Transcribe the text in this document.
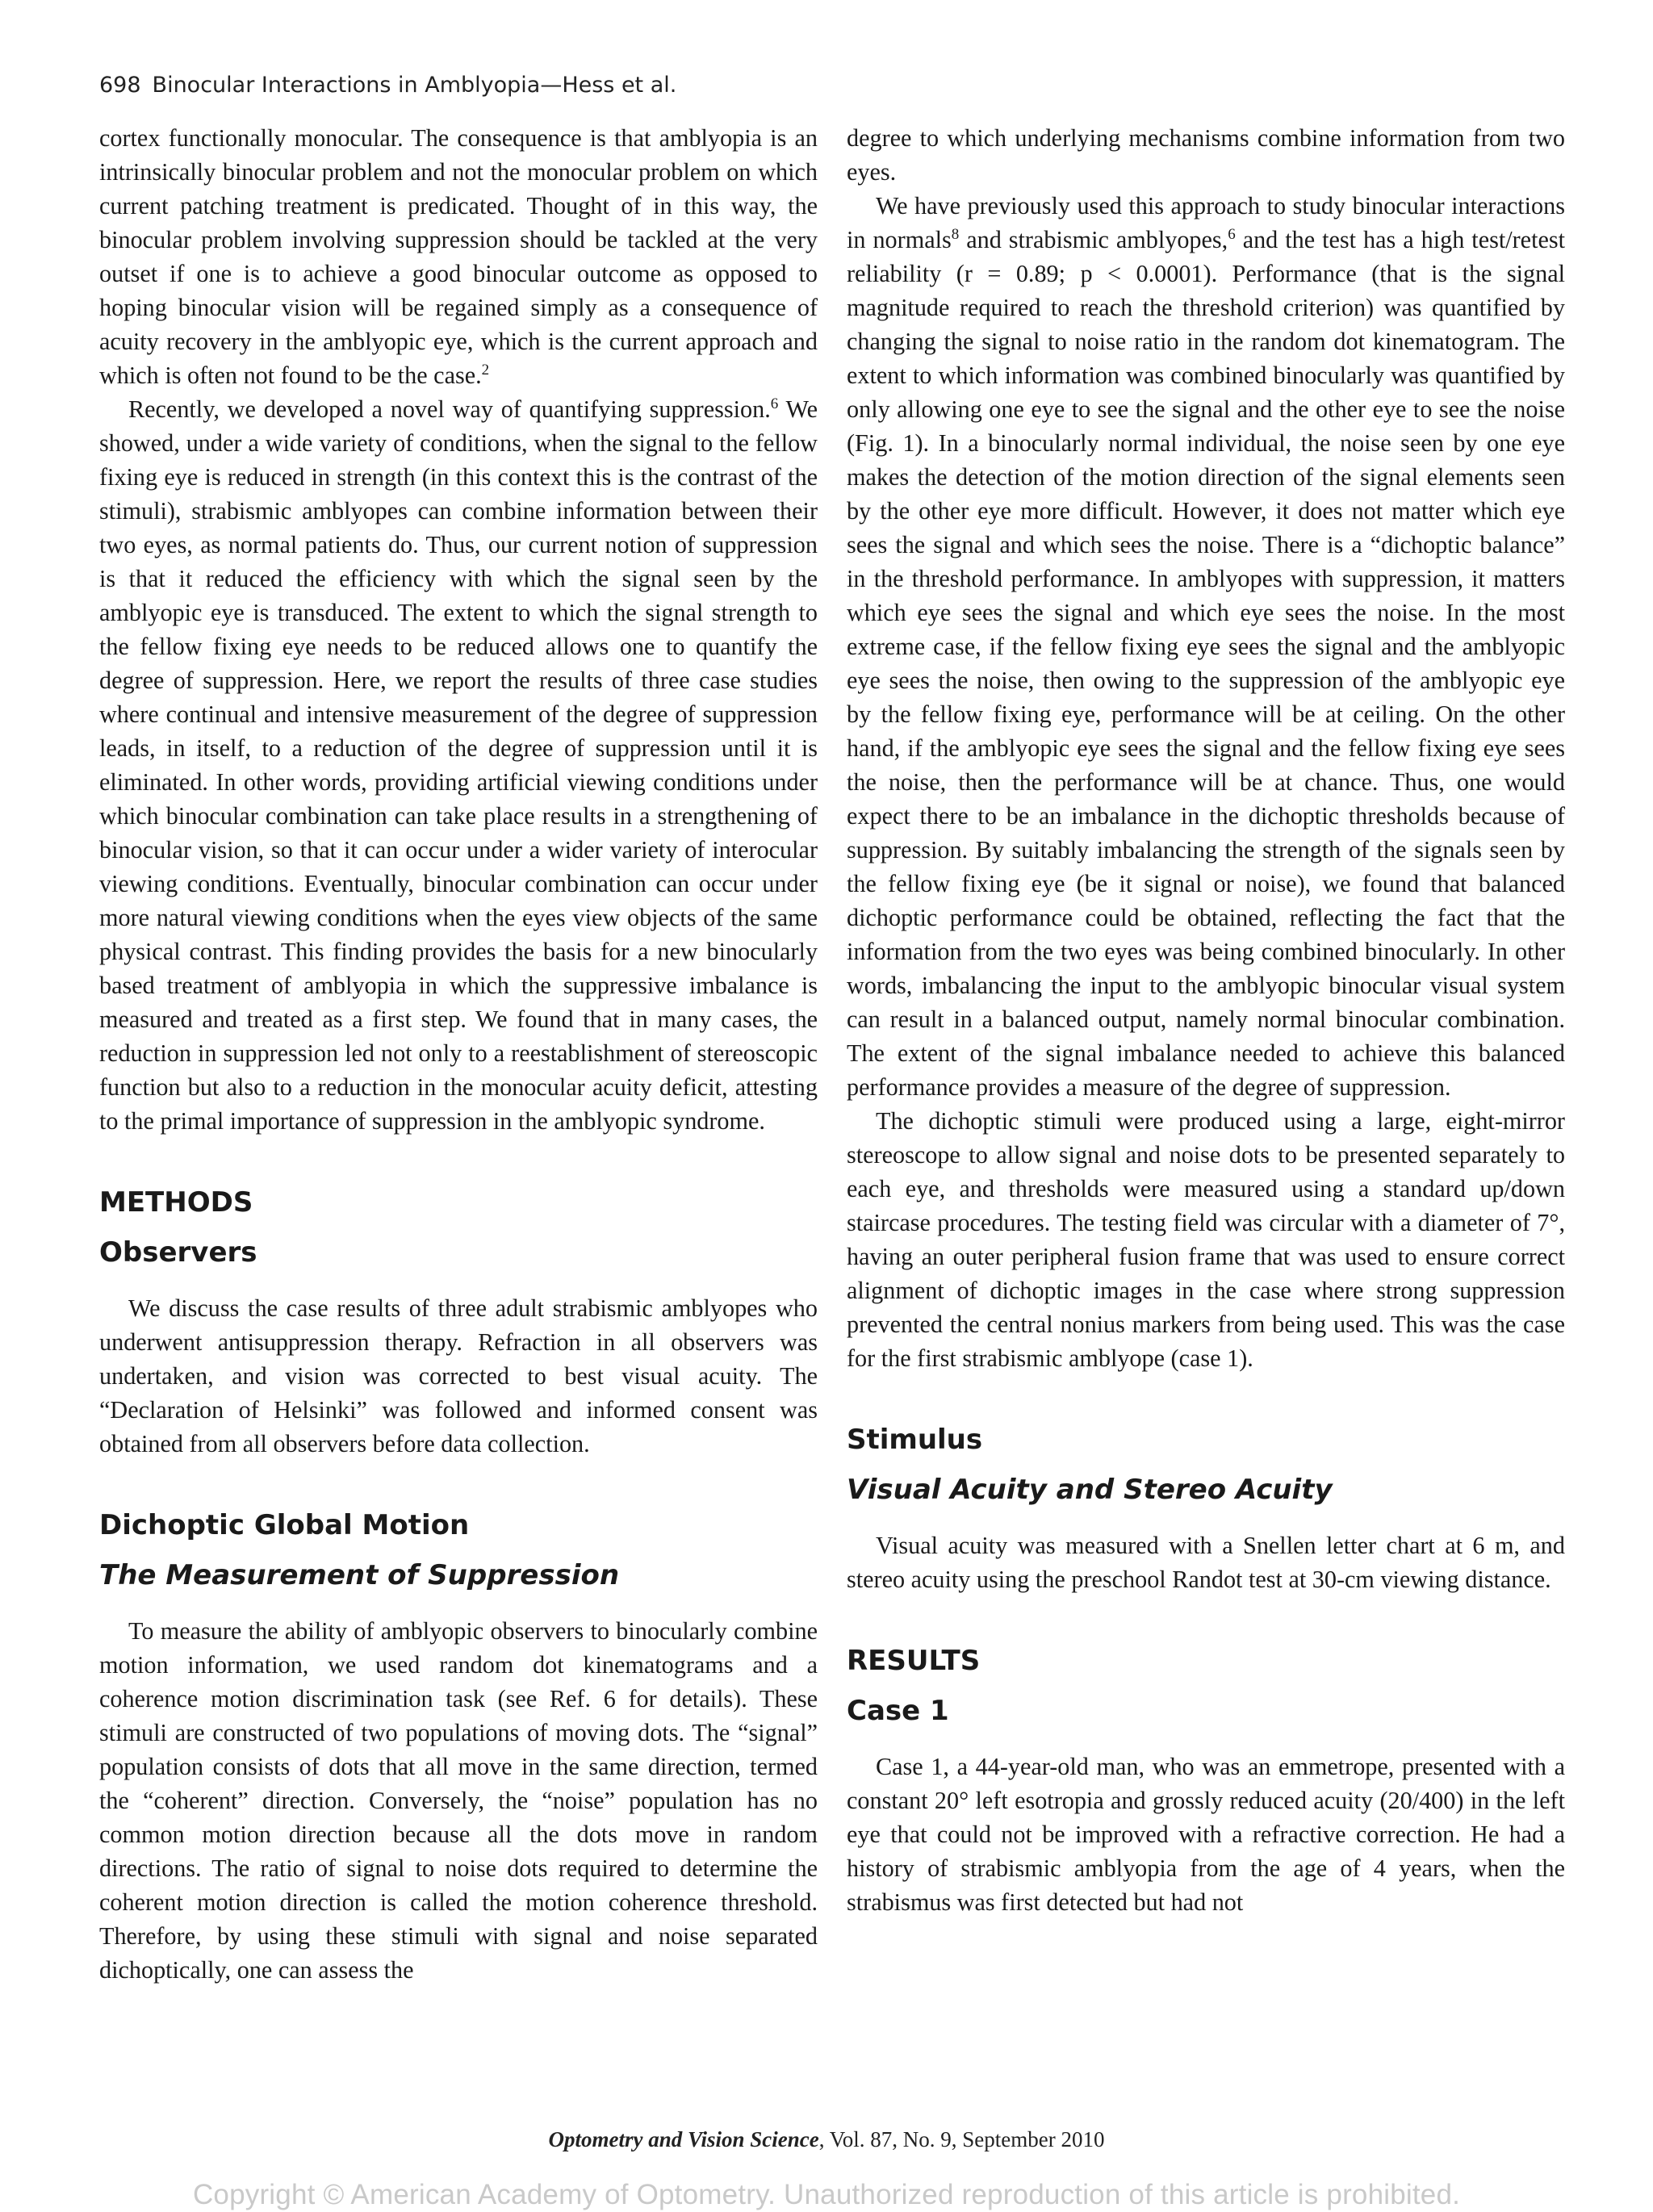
698 Binocular Interactions in Amblyopia—Hess et al.

cortex functionally monocular. The consequence is that amblyopia is an intrinsically binocular problem and not the monocular problem on which current patching treatment is predicated. Thought of in this way, the binocular problem involving suppression should be tackled at the very outset if one is to achieve a good binocular outcome as opposed to hoping binocular vision will be regained simply as a consequence of acuity recovery in the amblyopic eye, which is the current approach and which is often not found to be the case.$^2$

Recently, we developed a novel way of quantifying suppression.$^6$ We showed, under a wide variety of conditions, when the signal to the fellow fixing eye is reduced in strength (in this context this is the contrast of the stimuli), strabismic amblyopes can combine information between their two eyes, as normal patients do. Thus, our current notion of suppression is that it reduced the efficiency with which the signal seen by the amblyopic eye is transduced. The extent to which the signal strength to the fellow fixing eye needs to be reduced allows one to quantify the degree of suppression. Here, we report the results of three case studies where continual and intensive measurement of the degree of suppression leads, in itself, to a reduction of the degree of suppression until it is eliminated. In other words, providing artificial viewing conditions under which binocular combination can take place results in a strengthening of binocular vision, so that it can occur under a wider variety of interocular viewing conditions. Eventually, binocular combination can occur under more natural viewing conditions when the eyes view objects of the same physical contrast. This finding provides the basis for a new binocularly based treatment of amblyopia in which the suppressive imbalance is measured and treated as a first step. We found that in many cases, the reduction in suppression led not only to a reestablishment of stereoscopic function but also to a reduction in the monocular acuity deficit, attesting to the primal importance of suppression in the amblyopic syndrome.

METHODS
Observers

We discuss the case results of three adult strabismic amblyopes who underwent antisuppression therapy. Refraction in all observers was undertaken, and vision was corrected to best visual acuity. The “Declaration of Helsinki” was followed and informed consent was obtained from all observers before data collection.

Dichoptic Global Motion
The Measurement of Suppression

To measure the ability of amblyopic observers to binocularly combine motion information, we used random dot kinematograms and a coherence motion discrimination task (see Ref. 6 for details). These stimuli are constructed of two populations of moving dots. The “signal” population consists of dots that all move in the same direction, termed the “coherent” direction. Conversely, the “noise” population has no common motion direction because all the dots move in random directions. The ratio of signal to noise dots required to determine the coherent motion direction is called the motion coherence threshold. Therefore, by using these stimuli with signal and noise separated dichoptically, one can assess the

degree to which underlying mechanisms combine information from two eyes.

We have previously used this approach to study binocular interactions in normals$^8$ and strabismic amblyopes,$^6$ and the test has a high test/retest reliability (r = 0.89; p < 0.0001). Performance (that is the signal magnitude required to reach the threshold criterion) was quantified by changing the signal to noise ratio in the random dot kinematogram. The extent to which information was combined binocularly was quantified by only allowing one eye to see the signal and the other eye to see the noise (Fig. 1). In a binocularly normal individual, the noise seen by one eye makes the detection of the motion direction of the signal elements seen by the other eye more difficult. However, it does not matter which eye sees the signal and which sees the noise. There is a “dichoptic balance” in the threshold performance. In amblyopes with suppression, it matters which eye sees the signal and which eye sees the noise. In the most extreme case, if the fellow fixing eye sees the signal and the amblyopic eye sees the noise, then owing to the suppression of the amblyopic eye by the fellow fixing eye, performance will be at ceiling. On the other hand, if the amblyopic eye sees the signal and the fellow fixing eye sees the noise, then the performance will be at chance. Thus, one would expect there to be an imbalance in the dichoptic thresholds because of suppression. By suitably imbalancing the strength of the signals seen by the fellow fixing eye (be it signal or noise), we found that balanced dichoptic performance could be obtained, reflecting the fact that the information from the two eyes was being combined binocularly. In other words, imbalancing the input to the amblyopic binocular visual system can result in a balanced output, namely normal binocular combination. The extent of the signal imbalance needed to achieve this balanced performance provides a measure of the degree of suppression.

The dichoptic stimuli were produced using a large, eight-mirror stereoscope to allow signal and noise dots to be presented separately to each eye, and thresholds were measured using a standard up/down staircase procedures. The testing field was circular with a diameter of 7°, having an outer peripheral fusion frame that was used to ensure correct alignment of dichoptic images in the case where strong suppression prevented the central nonius markers from being used. This was the case for the first strabismic amblyope (case 1).

Stimulus
Visual Acuity and Stereo Acuity

Visual acuity was measured with a Snellen letter chart at 6 m, and stereo acuity using the preschool Randot test at 30-cm viewing distance.

RESULTS
Case 1

Case 1, a 44-year-old man, who was an emmetrope, presented with a constant 20° left esotropia and grossly reduced acuity (20/400) in the left eye that could not be improved with a refractive correction. He had a history of strabismic amblyopia from the age of 4 years, when the strabismus was first detected but had not

Optometry and Vision Science, Vol. 87, No. 9, September 2010
Copyright © American Academy of Optometry. Unauthorized reproduction of this article is prohibited.
